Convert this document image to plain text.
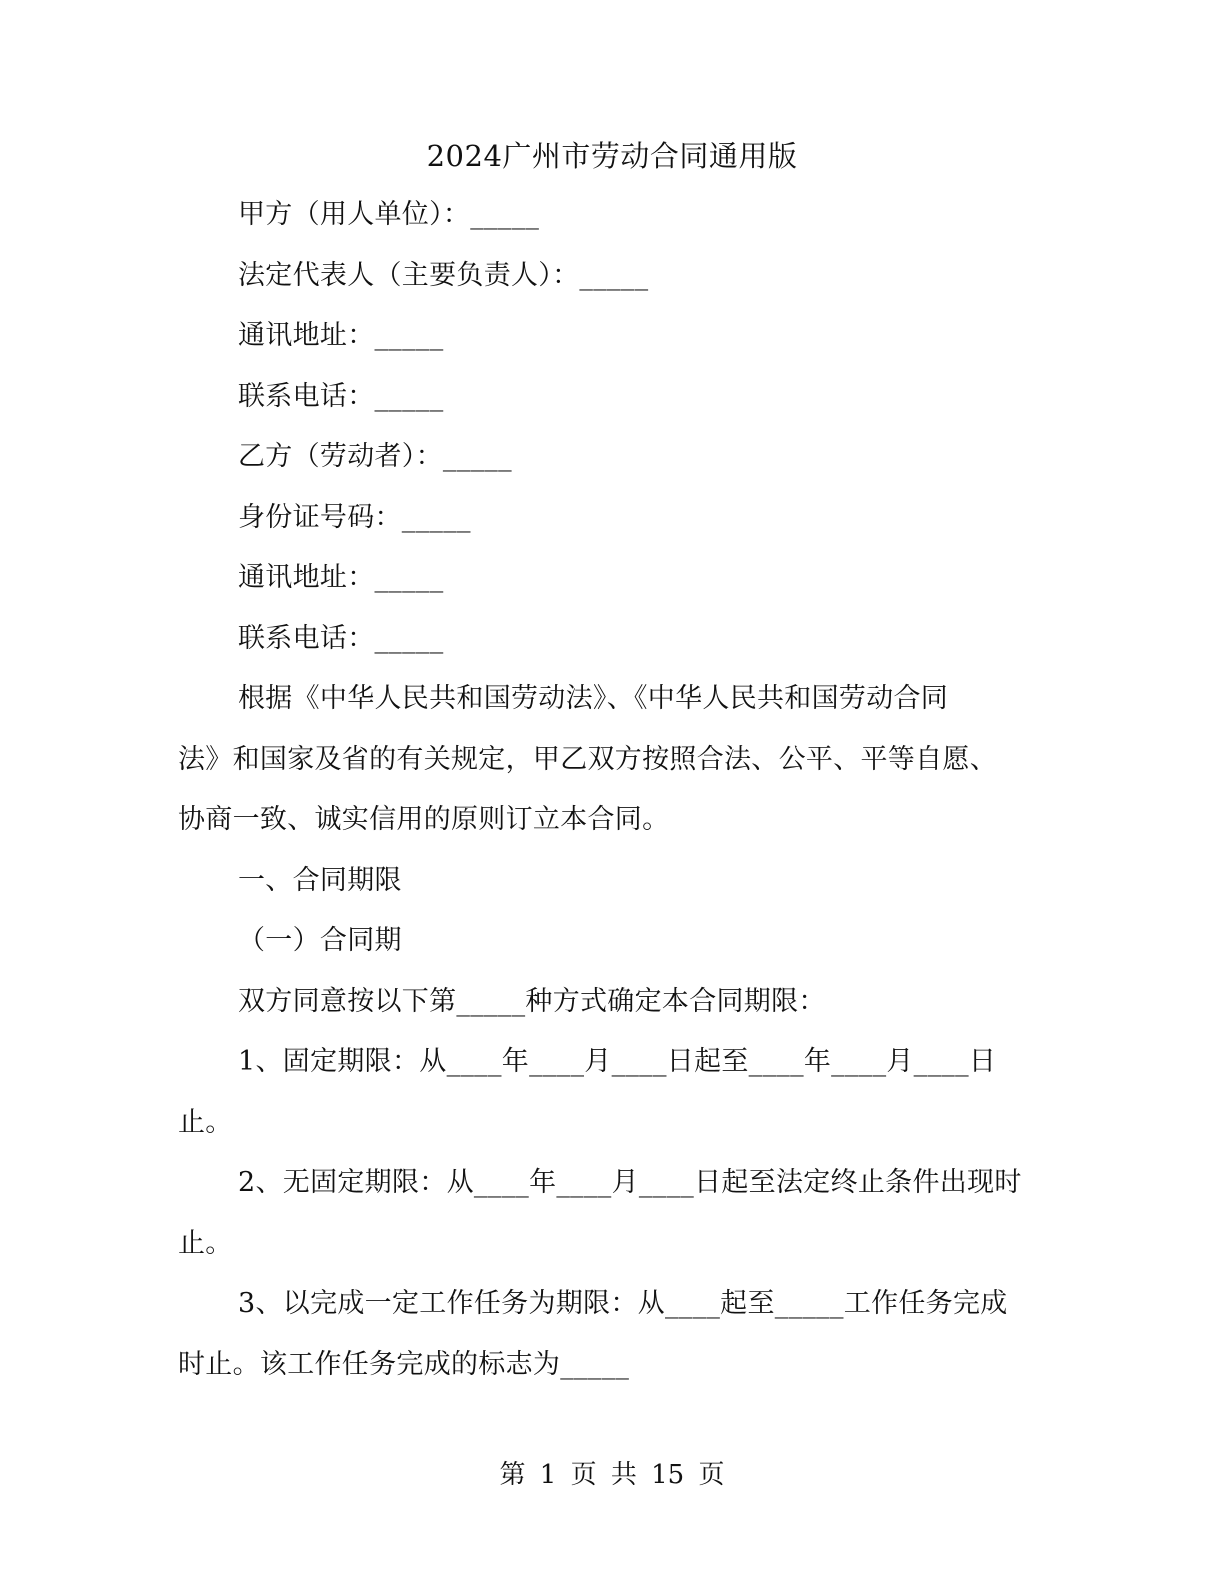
2024广州市劳动合同通用版
甲方（用人单位）：_____
法定代表人（主要负责人）：_____
通讯地址：_____
联系电话：_____
乙方（劳动者）：_____
身份证号码：_____
通讯地址：_____
联系电话：_____
根据《中华人民共和国劳动法》、《中华人民共和国劳动合同
法》和国家及省的有关规定，甲乙双方按照合法、公平、平等自愿、
协商一致、诚实信用的原则订立本合同。
一、合同期限
（一）合同期
双方同意按以下第_____种方式确定本合同期限：
1、固定期限：从____年____月____日起至____年____月____日
止。
2、无固定期限：从____年____月____日起至法定终止条件出现时
止。
3、以完成一定工作任务为期限：从____起至_____工作任务完成
时止。该工作任务完成的标志为_____
第 1 页 共 15 页
